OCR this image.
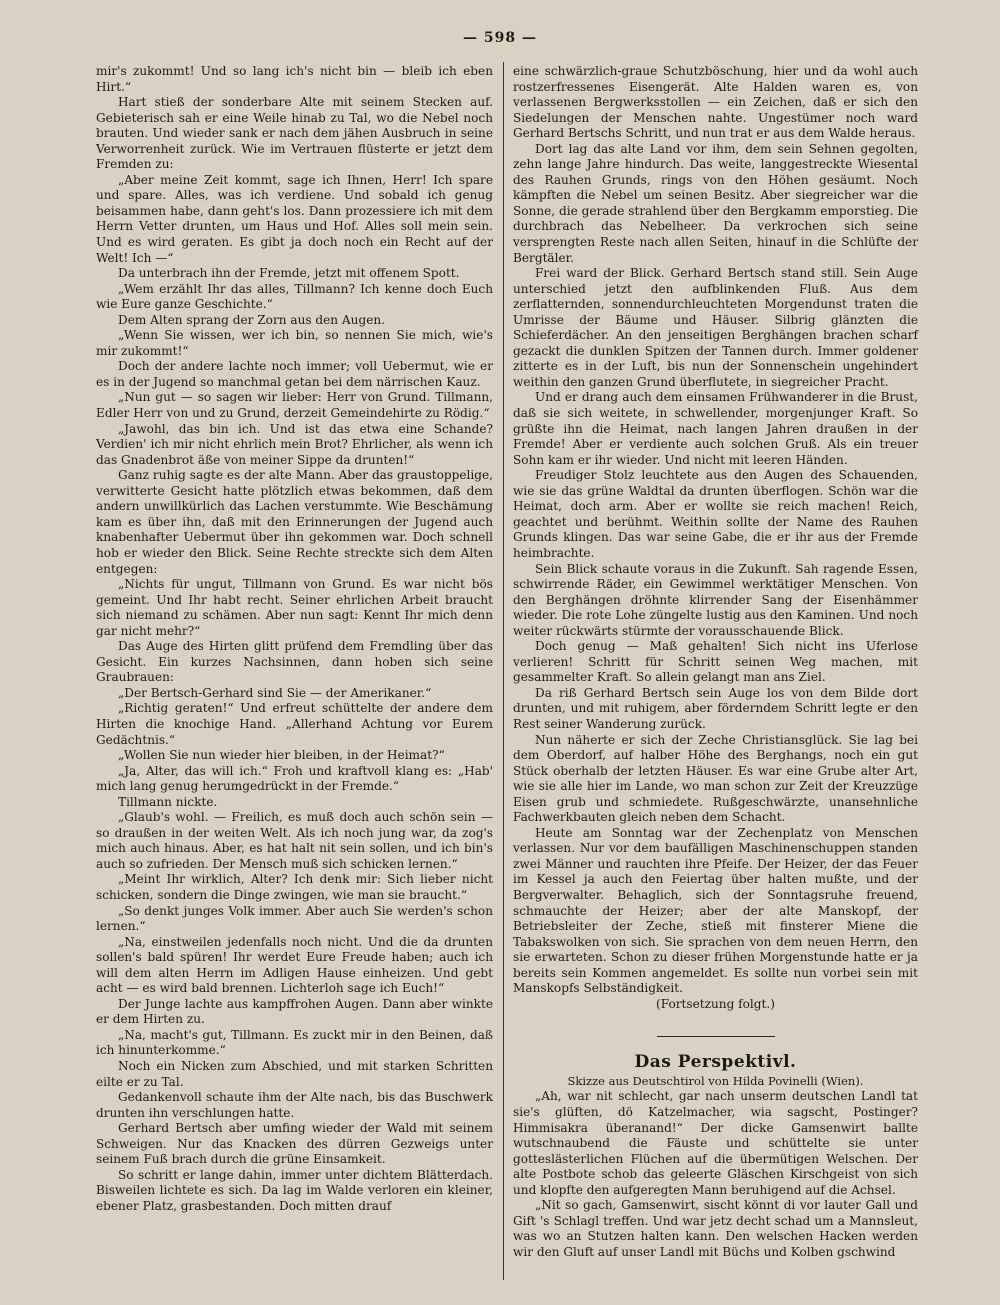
— 598 —

mir's zukommt! Und so lang ich's nicht bin — bleib ich eben Hirt.“

Hart stieß der sonderbare Alte mit seinem Stecken auf. Gebieterisch sah er eine Weile hinab zu Tal, wo die Nebel noch brauten. Und wieder sank er nach dem jähen Ausbruch in seine Verworrenheit zurück. Wie im Vertrauen flüsterte er jetzt dem Fremden zu:

„Aber meine Zeit kommt, sage ich Ihnen, Herr! Ich spare und spare. Alles, was ich verdiene. Und sobald ich genug beisammen habe, dann geht's los. Dann prozessiere ich mit dem Herrn Vetter drunten, um Haus und Hof. Alles soll mein sein. Und es wird geraten. Es gibt ja doch noch ein Recht auf der Welt! Ich —“

Da unterbrach ihn der Fremde, jetzt mit offenem Spott.

„Wem erzählt Ihr das alles, Tillmann? Ich kenne doch Euch wie Eure ganze Geschichte.“

Dem Alten sprang der Zorn aus den Augen.

„Wenn Sie wissen, wer ich bin, so nennen Sie mich, wie's mir zukommt!“

Doch der andere lachte noch immer; voll Uebermut, wie er es in der Jugend so manchmal getan bei dem närrischen Kauz.

„Nun gut — so sagen wir lieber: Herr von Grund. Tillmann, Edler Herr von und zu Grund, derzeit Gemeindehirte zu Rödig.“

„Jawohl, das bin ich. Und ist das etwa eine Schande? Verdien' ich mir nicht ehrlich mein Brot? Ehrlicher, als wenn ich das Gnadenbrot äße von meiner Sippe da drunten!“

Ganz ruhig sagte es der alte Mann. Aber das graustoppelige, verwitterte Gesicht hatte plötzlich etwas bekommen, daß dem andern unwillkürlich das Lachen verstummte. Wie Beschämung kam es über ihn, daß mit den Erinnerungen der Jugend auch knabenhafter Uebermut über ihn gekommen war. Doch schnell hob er wieder den Blick. Seine Rechte streckte sich dem Alten entgegen:

„Nichts für ungut, Tillmann von Grund. Es war nicht bös gemeint. Und Ihr habt recht. Seiner ehrlichen Arbeit braucht sich niemand zu schämen. Aber nun sagt: Kennt Ihr mich denn gar nicht mehr?“

Das Auge des Hirten glitt prüfend dem Fremdling über das Gesicht. Ein kurzes Nachsinnen, dann hoben sich seine Graubrauen:

„Der Bertsch-Gerhard sind Sie — der Amerikaner.“

„Richtig geraten!“ Und erfreut schüttelte der andere dem Hirten die knochige Hand. „Allerhand Achtung vor Eurem Gedächtnis.“

„Wollen Sie nun wieder hier bleiben, in der Heimat?“

„Ja, Alter, das will ich.“ Froh und kraftvoll klang es: „Hab' mich lang genug herumgedrückt in der Fremde.“

Tillmann nickte.

„Glaub's wohl. — Freilich, es muß doch auch schön sein — so draußen in der weiten Welt. Als ich noch jung war, da zog's mich auch hinaus. Aber, es hat halt nit sein sollen, und ich bin's auch so zufrieden. Der Mensch muß sich schicken lernen.“

„Meint Ihr wirklich, Alter? Ich denk mir: Sich lieber nicht schicken, sondern die Dinge zwingen, wie man sie braucht.“

„So denkt junges Volk immer. Aber auch Sie werden's schon lernen.“

„Na, einstweilen jedenfalls noch nicht. Und die da drunten sollen's bald spüren! Ihr werdet Eure Freude haben; auch ich will dem alten Herrn im Adligen Hause einheizen. Und gebt acht — es wird bald brennen. Lichterloh sage ich Euch!“

Der Junge lachte aus kampffrohen Augen. Dann aber winkte er dem Hirten zu.

„Na, macht's gut, Tillmann. Es zuckt mir in den Beinen, daß ich hinunterkomme.“

Noch ein Nicken zum Abschied, und mit starken Schritten eilte er zu Tal.

Gedankenvoll schaute ihm der Alte nach, bis das Buschwerk drunten ihn verschlungen hatte.

Gerhard Bertsch aber umfing wieder der Wald mit seinem Schweigen. Nur das Knacken des dürren Gezweigs unter seinem Fuß brach durch die grüne Einsamkeit.

So schritt er lange dahin, immer unter dichtem Blätterdach. Bisweilen lichtete es sich. Da lag im Walde verloren ein kleiner, ebener Platz, grasbestanden. Doch mitten drauf

eine schwärzlich-graue Schutzböschung, hier und da wohl auch rostzerfressenes Eisengerät. Alte Halden waren es, von verlassenen Bergwerksstollen — ein Zeichen, daß er sich den Siedelungen der Menschen nahte. Ungestümer noch ward Gerhard Bertschs Schritt, und nun trat er aus dem Walde heraus.

Dort lag das alte Land vor ihm, dem sein Sehnen gegolten, zehn lange Jahre hindurch. Das weite, langgestreckte Wiesental des Rauhen Grunds, rings von den Höhen gesäumt. Noch kämpften die Nebel um seinen Besitz. Aber siegreicher war die Sonne, die gerade strahlend über den Bergkamm emporstieg. Die durchbrach das Nebelheer. Da verkrochen sich seine versprengten Reste nach allen Seiten, hinauf in die Schlüfte der Bergtäler.

Frei ward der Blick. Gerhard Bertsch stand still. Sein Auge unterschied jetzt den aufblinkenden Fluß. Aus dem zerflatternden, sonnendurchleuchteten Morgendunst traten die Umrisse der Bäume und Häuser. Silbrig glänzten die Schieferdächer. An den jenseitigen Berghängen brachen scharf gezackt die dunklen Spitzen der Tannen durch. Immer goldener zitterte es in der Luft, bis nun der Sonnenschein ungehindert weithin den ganzen Grund überflutete, in siegreicher Pracht.

Und er drang auch dem einsamen Frühwanderer in die Brust, daß sie sich weitete, in schwellender, morgenjunger Kraft. So grüßte ihn die Heimat, nach langen Jahren draußen in der Fremde! Aber er verdiente auch solchen Gruß. Als ein treuer Sohn kam er ihr wieder. Und nicht mit leeren Händen.

Freudiger Stolz leuchtete aus den Augen des Schauenden, wie sie das grüne Waldtal da drunten überflogen. Schön war die Heimat, doch arm. Aber er wollte sie reich machen! Reich, geachtet und berühmt. Weithin sollte der Name des Rauhen Grunds klingen. Das war seine Gabe, die er ihr aus der Fremde heimbrachte.

Sein Blick schaute voraus in die Zukunft. Sah ragende Essen, schwirrende Räder, ein Gewimmel werktätiger Menschen. Von den Berghängen dröhnte klirrender Sang der Eisenhämmer wieder. Die rote Lohe züngelte lustig aus den Kaminen. Und noch weiter rückwärts stürmte der vorausschauende Blick.

Doch genug — Maß gehalten! Sich nicht ins Uferlose verlieren! Schritt für Schritt seinen Weg machen, mit gesammelter Kraft. So allein gelangt man ans Ziel.

Da riß Gerhard Bertsch sein Auge los von dem Bilde dort drunten, und mit ruhigem, aber förderndem Schritt legte er den Rest seiner Wanderung zurück.

Nun näherte er sich der Zeche Christiansglück. Sie lag bei dem Oberdorf, auf halber Höhe des Berghangs, noch ein gut Stück oberhalb der letzten Häuser. Es war eine Grube alter Art, wie sie alle hier im Lande, wo man schon zur Zeit der Kreuzzüge Eisen grub und schmiedete. Rußgeschwärzte, unansehnliche Fachwerkbauten gleich neben dem Schacht.

Heute am Sonntag war der Zechenplatz von Menschen verlassen. Nur vor dem baufälligen Maschinenschuppen standen zwei Männer und rauchten ihre Pfeife. Der Heizer, der das Feuer im Kessel ja auch den Feiertag über halten mußte, und der Bergverwalter. Behaglich, sich der Sonntagsruhe freuend, schmauchte der Heizer; aber der alte Manskopf, der Betriebsleiter der Zeche, stieß mit finsterer Miene die Tabakswolken von sich. Sie sprachen von dem neuen Herrn, den sie erwarteten. Schon zu dieser frühen Morgenstunde hatte er ja bereits sein Kommen angemeldet. Es sollte nun vorbei sein mit Manskopfs Selbständigkeit.

(Fortsetzung folgt.)

Das Perspektivl.

Skizze aus Deutschtirol von Hilda Povinelli (Wien).

„Ah, war nit schlecht, gar nach unserm deutschen Landl tat sie's glüften, dö Katzelmacher, wia sagscht, Postinger? Himmisakra überanand!“ Der dicke Gamsenwirt ballte wutschnaubend die Fäuste und schüttelte sie unter gotteslästerlichen Flüchen auf die übermütigen Welschen. Der alte Postbote schob das geleerte Gläschen Kirschgeist von sich und klopfte den aufgeregten Mann beruhigend auf die Achsel.

„Nit so gach, Gamsenwirt, sischt könnt di vor lauter Gall und Gift 's Schlagl treffen. Und war jetz decht schad um a Mannsleut, was wo an Stutzen halten kann. Den welschen Hacken werden wir den Gluft auf unser Landl mit Büchs und Kolben gschwind
